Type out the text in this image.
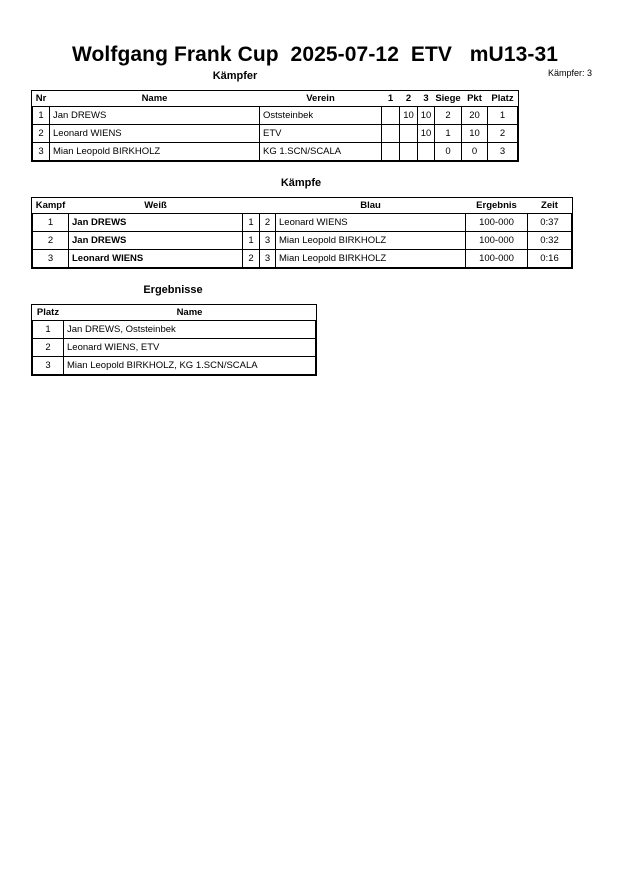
Wolfgang Frank Cup  2025-07-12  ETV   mU13-31
Kämpfer: 3
Kämpfer
Nr	Name	Verein	1	2	3	Siege	Pkt	Platz
1	Jan DREWS	Oststeinbek		10	10	2	20	1
2	Leonard WIENS	ETV			10	1	10	2
3	Mian Leopold BIRKHOLZ	KG 1.SCN/SCALA				0	0	3
Kämpfe
Kampf	Weiß			Blau	Ergebnis	Zeit
1	Jan DREWS	1	2	Leonard WIENS	100-000	0:37
2	Jan DREWS	1	3	Mian Leopold BIRKHOLZ	100-000	0:32
3	Leonard WIENS	2	3	Mian Leopold BIRKHOLZ	100-000	0:16
Ergebnisse
Platz	Name
1	Jan DREWS, Oststeinbek
2	Leonard WIENS, ETV
3	Mian Leopold BIRKHOLZ, KG 1.SCN/SCALA
